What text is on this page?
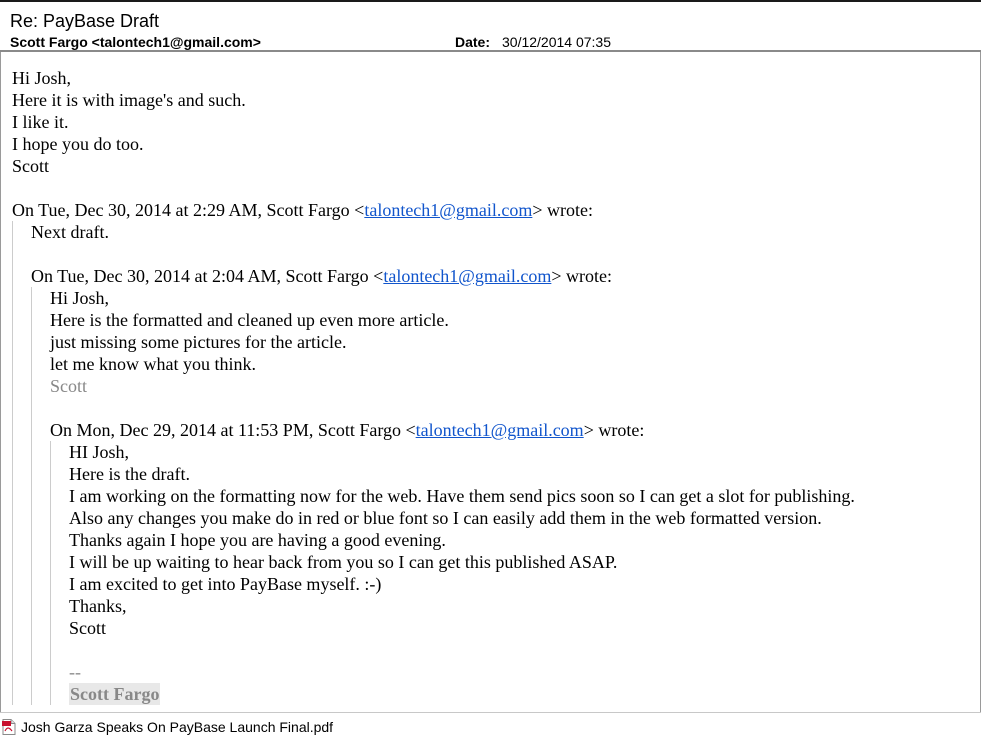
Re: PayBase Draft
Scott Fargo <talontech1@gmail.com>	Date: 30/12/2014 07:35
Hi Josh,
Here it is with image's and such.
I like it.
I hope you do too.
Scott
On Tue, Dec 30, 2014 at 2:29 AM, Scott Fargo <talontech1@gmail.com> wrote:
Next draft.
On Tue, Dec 30, 2014 at 2:04 AM, Scott Fargo <talontech1@gmail.com> wrote:
Hi Josh,
Here is the formatted and cleaned up even more article.
just missing some pictures for the article.
let me know what you think.
Scott
On Mon, Dec 29, 2014 at 11:53 PM, Scott Fargo <talontech1@gmail.com> wrote:
HI Josh,
Here is the draft.
I am working on the formatting now for the web. Have them send pics soon so I can get a slot for publishing.
Also any changes you make do in red or blue font so I can easily add them in the web formatted version.
Thanks again I hope you are having a good evening.
I will be up waiting to hear back from you so I can get this published ASAP.
I am excited to get into PayBase myself. :-)
Thanks,
Scott
--
Scott Fargo
Josh Garza Speaks On PayBase Launch Final.pdf
